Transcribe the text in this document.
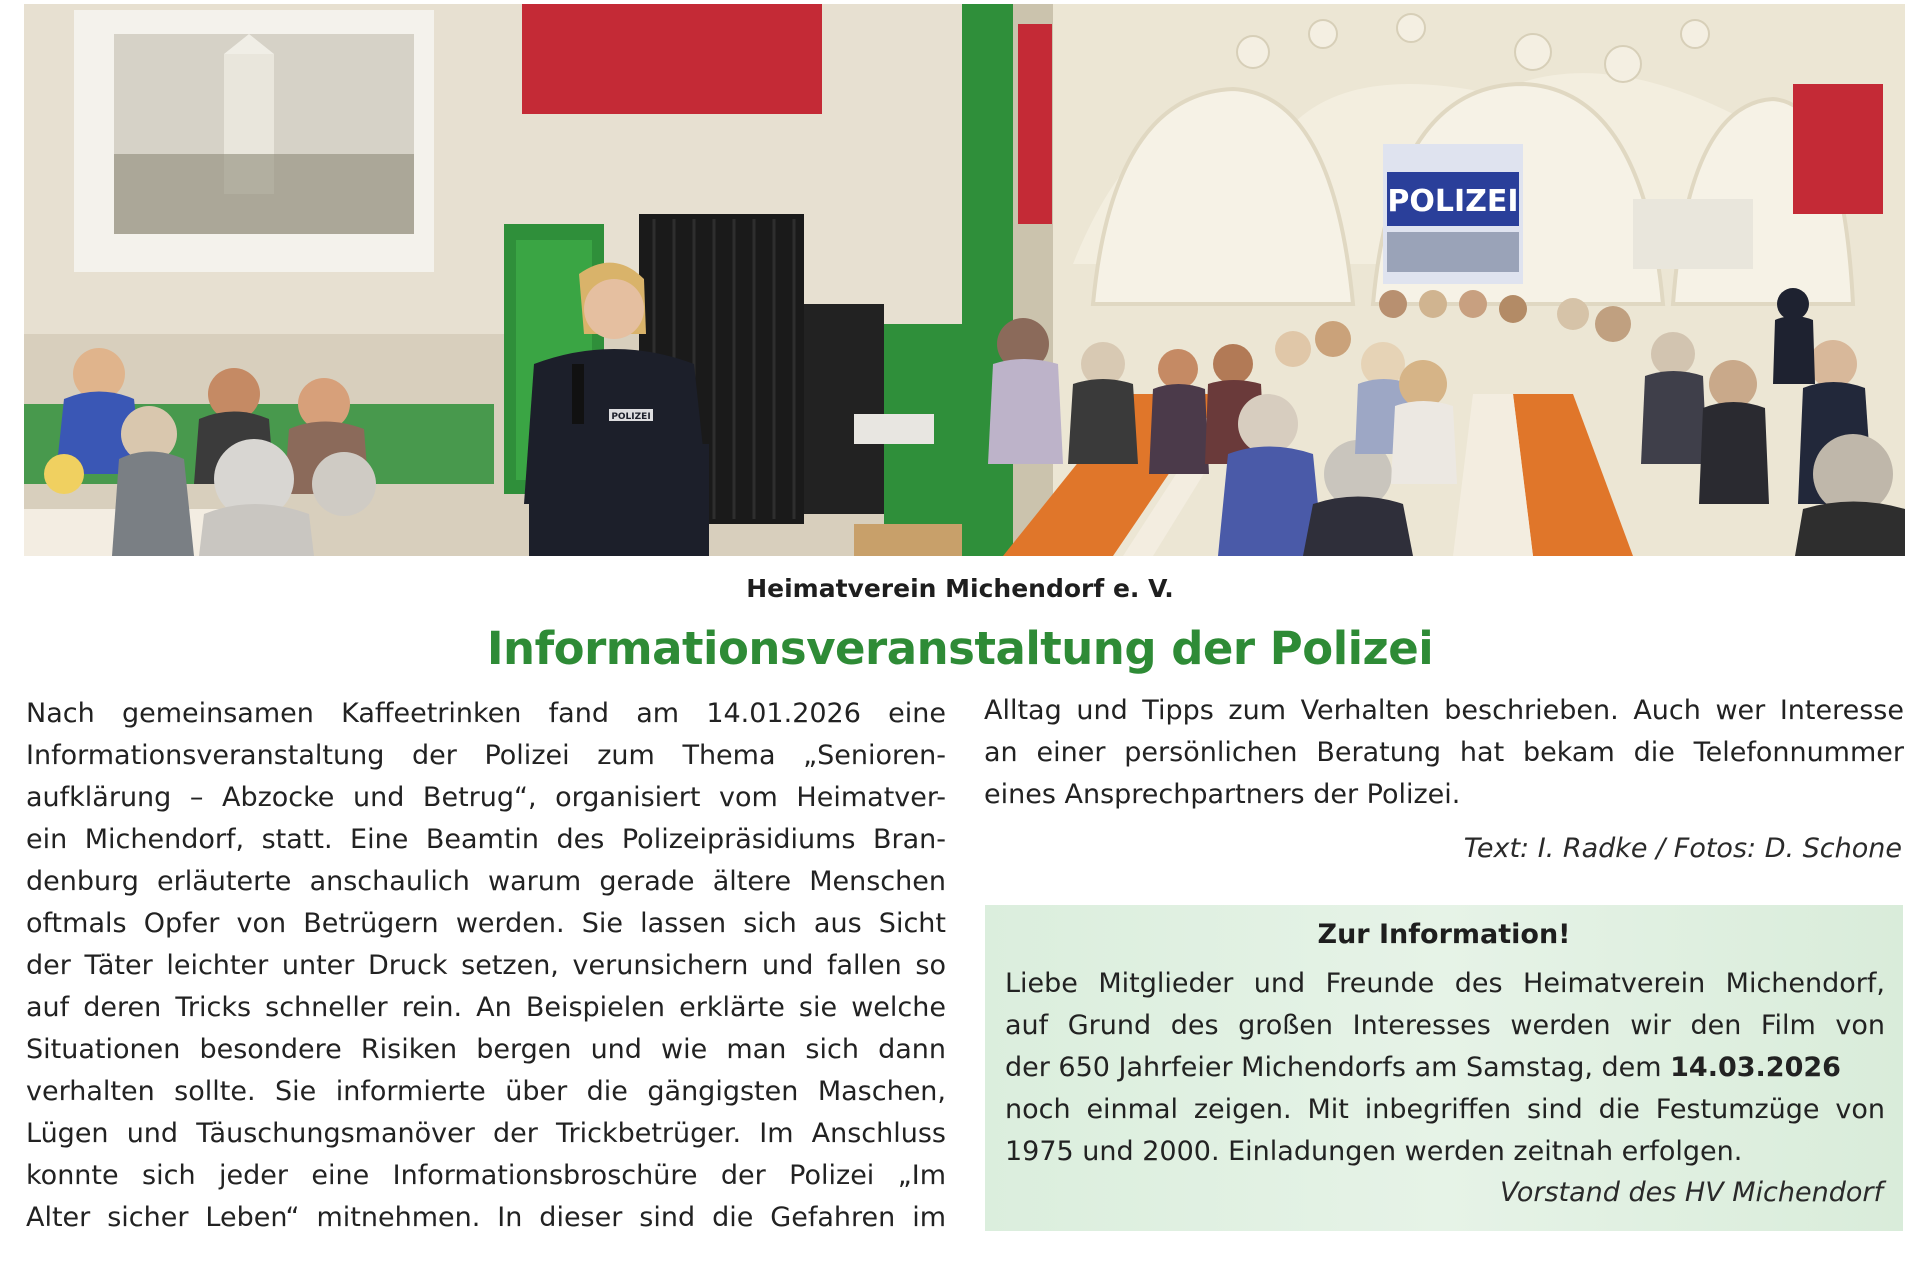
POLIZEI
POLIZEI
Heimatverein Michendorf e. V.
Informationsveranstaltung der Polizei
Nach gemeinsamen Kaffeetrinken fand am 14.01.2026 eine
Informationsveranstaltung der Polizei zum Thema „Senioren-
aufklärung – Abzocke und Betrug“, organisiert vom Heimatver-
ein Michendorf, statt. Eine Beamtin des Polizeipräsidiums Bran-
denburg erläuterte anschaulich warum gerade ältere Menschen
oftmals Opfer von Betrügern werden. Sie lassen sich aus Sicht
der Täter leichter unter Druck setzen, verunsichern und fallen so
auf deren Tricks schneller rein. An Beispielen erklärte sie welche
Situationen besondere Risiken bergen und wie man sich dann
verhalten sollte. Sie informierte über die gängigsten Maschen,
Lügen und Täuschungsmanöver der Trickbetrüger. Im Anschluss
konnte sich jeder eine Informationsbroschüre der Polizei „Im
Alter sicher Leben“ mitnehmen. In dieser sind die Gefahren im
Alltag und Tipps zum Verhalten beschrieben. Auch wer Interesse
an einer persönlichen Beratung hat bekam die Telefonnummer
eines Ansprechpartners der Polizei.
Text: I. Radke / Fotos: D. Schone
Zur Information!
Liebe Mitglieder und Freunde des Heimatverein Michendorf,
auf Grund des großen Interesses werden wir den Film von
der 650 Jahrfeier Michendorfs am Samstag, dem 14.03.2026
noch einmal zeigen. Mit inbegriffen sind die Festumzüge von
1975 und 2000. Einladungen werden zeitnah erfolgen.
Vorstand des HV Michendorf
